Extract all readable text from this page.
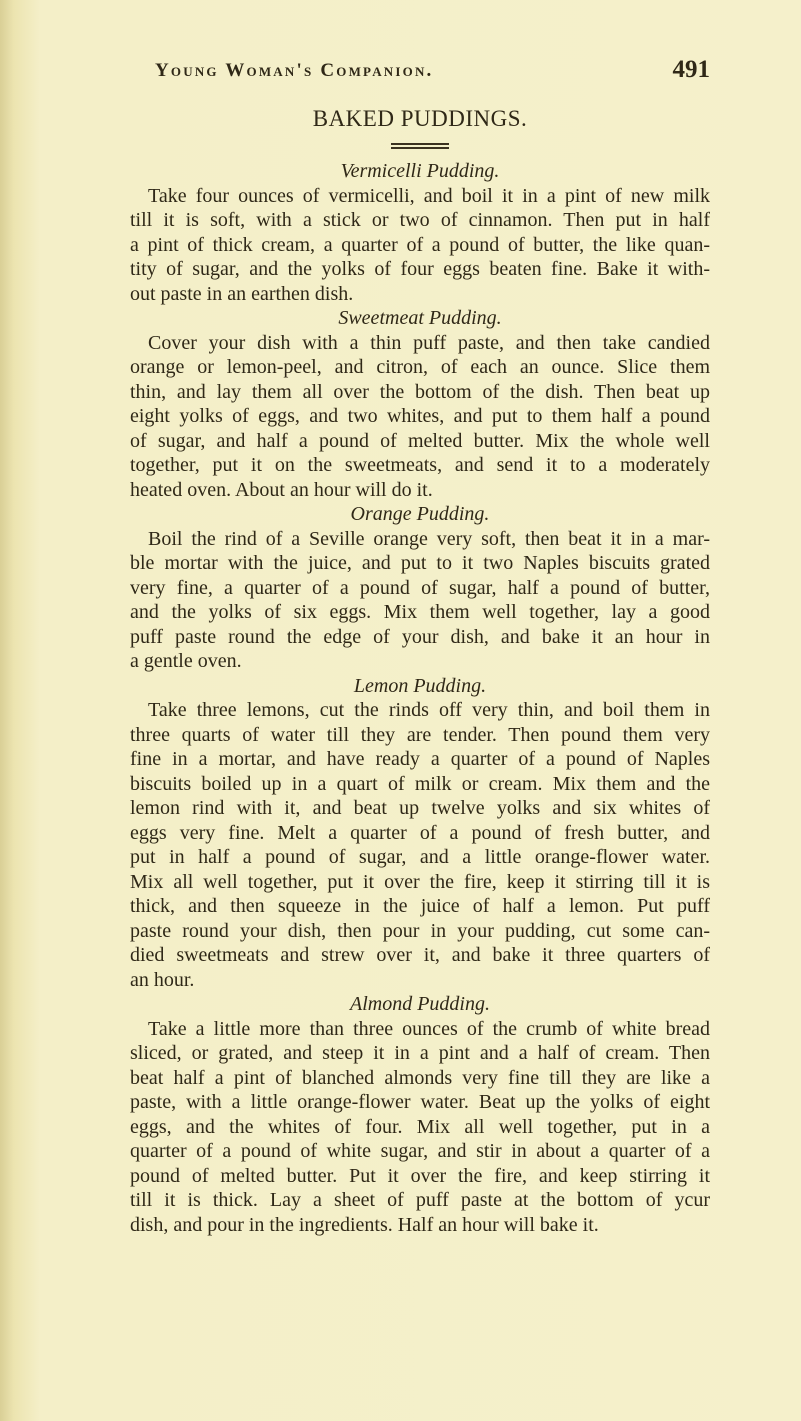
Young Woman's Companion.	491
BAKED PUDDINGS.
Vermicelli Pudding.
Take four ounces of vermicelli, and boil it in a pint of new milk
till it is soft, with a stick or two of cinnamon. Then put in half
a pint of thick cream, a quarter of a pound of butter, the like quan-
tity of sugar, and the yolks of four eggs beaten fine. Bake it with-
out paste in an earthen dish.
Sweetmeat Pudding.
Cover your dish with a thin puff paste, and then take candied
orange or lemon-peel, and citron, of each an ounce. Slice them
thin, and lay them all over the bottom of the dish. Then beat up
eight yolks of eggs, and two whites, and put to them half a pound
of sugar, and half a pound of melted butter. Mix the whole well
together, put it on the sweetmeats, and send it to a moderately
heated oven. About an hour will do it.
Orange Pudding.
Boil the rind of a Seville orange very soft, then beat it in a mar-
ble mortar with the juice, and put to it two Naples biscuits grated
very fine, a quarter of a pound of sugar, half a pound of butter,
and the yolks of six eggs. Mix them well together, lay a good
puff paste round the edge of your dish, and bake it an hour in
a gentle oven.
Lemon Pudding.
Take three lemons, cut the rinds off very thin, and boil them in
three quarts of water till they are tender. Then pound them very
fine in a mortar, and have ready a quarter of a pound of Naples
biscuits boiled up in a quart of milk or cream. Mix them and the
lemon rind with it, and beat up twelve yolks and six whites of
eggs very fine. Melt a quarter of a pound of fresh butter, and
put in half a pound of sugar, and a little orange-flower water.
Mix all well together, put it over the fire, keep it stirring till it is
thick, and then squeeze in the juice of half a lemon. Put puff
paste round your dish, then pour in your pudding, cut some can-
died sweetmeats and strew over it, and bake it three quarters of
an hour.
Almond Pudding.
Take a little more than three ounces of the crumb of white bread
sliced, or grated, and steep it in a pint and a half of cream. Then
beat half a pint of blanched almonds very fine till they are like a
paste, with a little orange-flower water. Beat up the yolks of eight
eggs, and the whites of four. Mix all well together, put in a
quarter of a pound of white sugar, and stir in about a quarter of a
pound of melted butter. Put it over the fire, and keep stirring it
till it is thick. Lay a sheet of puff paste at the bottom of ycur
dish, and pour in the ingredients. Half an hour will bake it.
